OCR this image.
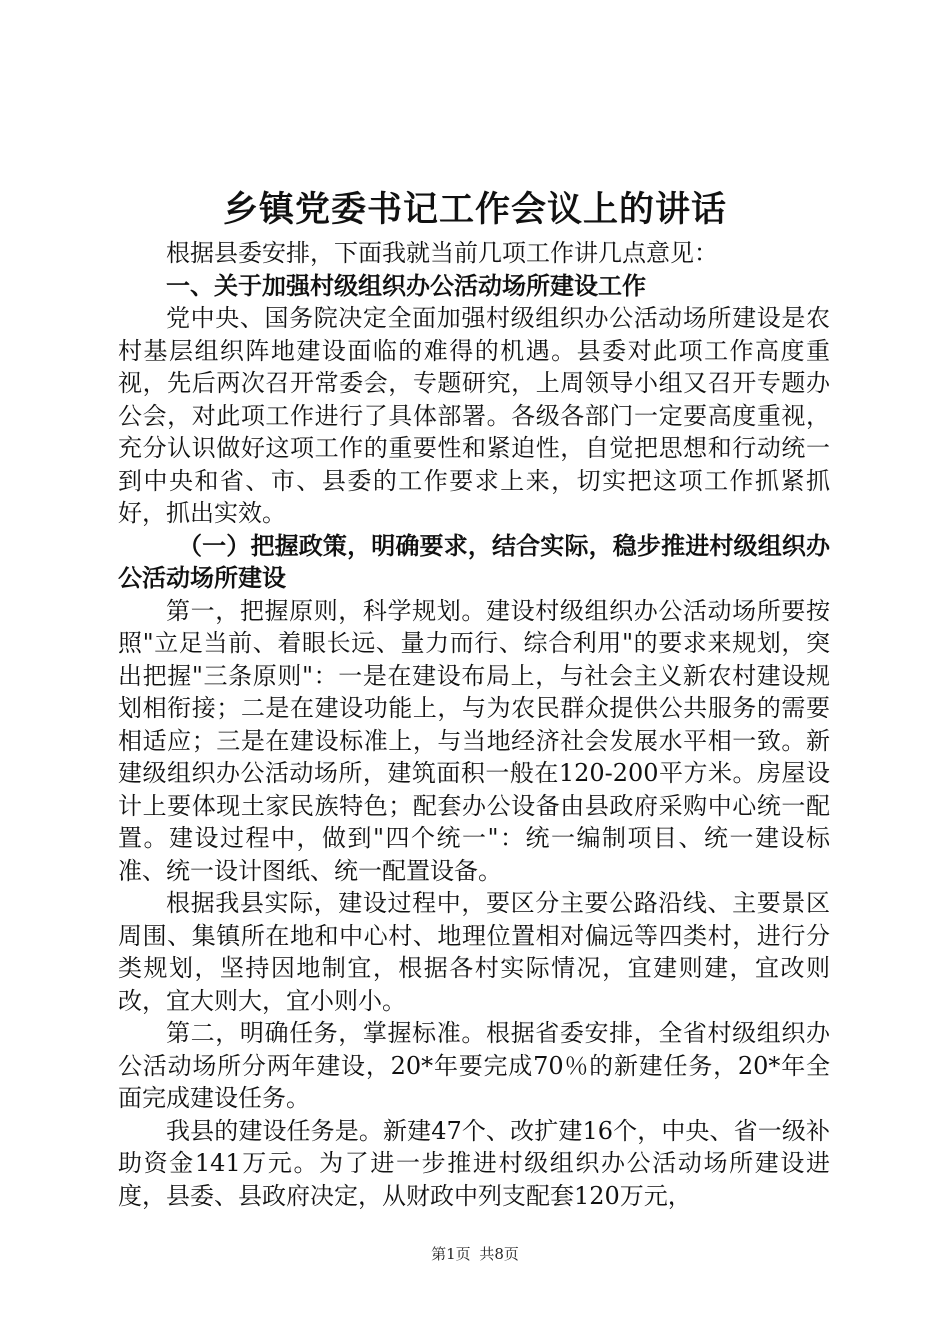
乡镇党委书记工作会议上的讲话

根据县委安排，下面我就当前几项工作讲几点意见：

一、关于加强村级组织办公活动场所建设工作

党中央、国务院决定全面加强村级组织办公活动场所建设是农村基层组织阵地建设面临的难得的机遇。县委对此项工作高度重视，先后两次召开常委会，专题研究，上周领导小组又召开专题办公会，对此项工作进行了具体部署。各级各部门一定要高度重视，充分认识做好这项工作的重要性和紧迫性，自觉把思想和行动统一到中央和省、市、县委的工作要求上来，切实把这项工作抓紧抓好，抓出实效。

（一）把握政策，明确要求，结合实际，稳步推进村级组织办公活动场所建设

第一，把握原则，科学规划。建设村级组织办公活动场所要按照"立足当前、着眼长远、量力而行、综合利用"的要求来规划，突出把握"三条原则"：一是在建设布局上，与社会主义新农村建设规划相衔接；二是在建设功能上，与为农民群众提供公共服务的需要相适应；三是在建设标准上，与当地经济社会发展水平相一致。新建级组织办公活动场所，建筑面积一般在120-200平方米。房屋设计上要体现土家民族特色；配套办公设备由县政府采购中心统一配置。建设过程中，做到"四个统一"：统一编制项目、统一建设标准、统一设计图纸、统一配置设备。

根据我县实际，建设过程中，要区分主要公路沿线、主要景区周围、集镇所在地和中心村、地理位置相对偏远等四类村，进行分类规划，坚持因地制宜，根据各村实际情况，宜建则建，宜改则改，宜大则大，宜小则小。

第二，明确任务，掌握标准。根据省委安排，全省村级组织办公活动场所分两年建设，20*年要完成70％的新建任务，20*年全面完成建设任务。

我县的建设任务是。新建47个、改扩建16个，中央、省一级补助资金141万元。为了进一步推进村级组织办公活动场所建设进度，县委、县政府决定，从财政中列支配套120万元，

第1页 共8页
